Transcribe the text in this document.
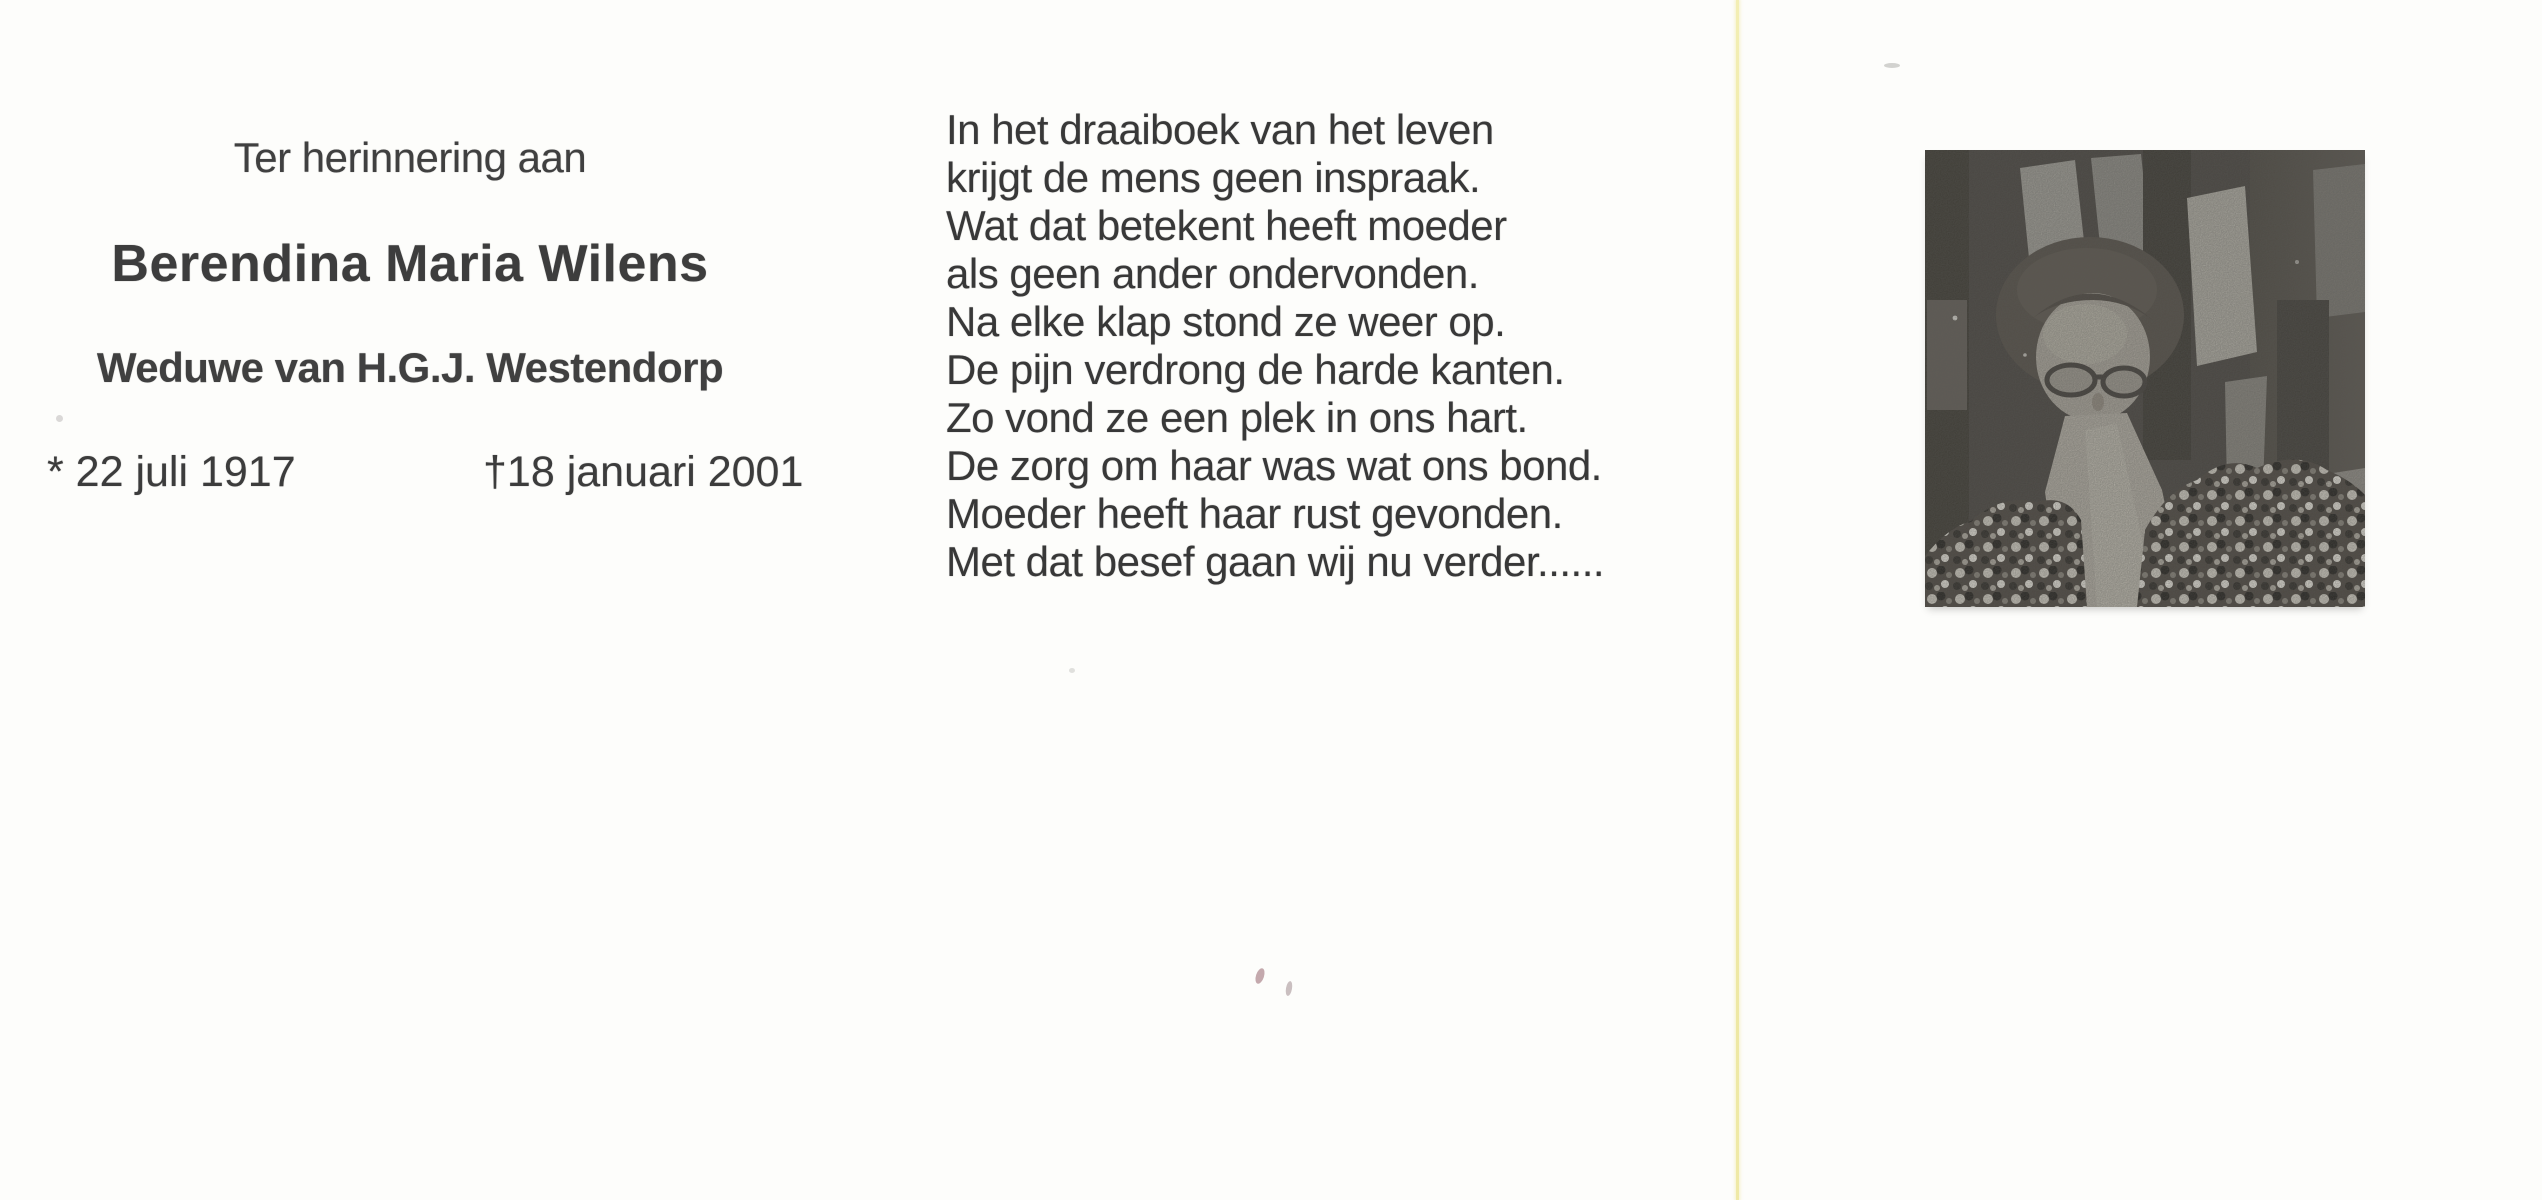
Ter herinnering aan
Berendina Maria Wilens
Weduwe van H.G.J. Westendorp
* 22 juli 1917	†18 januari 2001
In het draaiboek van het leven
krijgt de mens geen inspraak.
Wat dat betekent heeft moeder
als geen ander ondervonden.
Na elke klap stond ze weer op.
De pijn verdrong de harde kanten.
Zo vond ze een plek in ons hart.
De zorg om haar was wat ons bond.
Moeder heeft haar rust gevonden.
Met dat besef gaan wij nu verder......
